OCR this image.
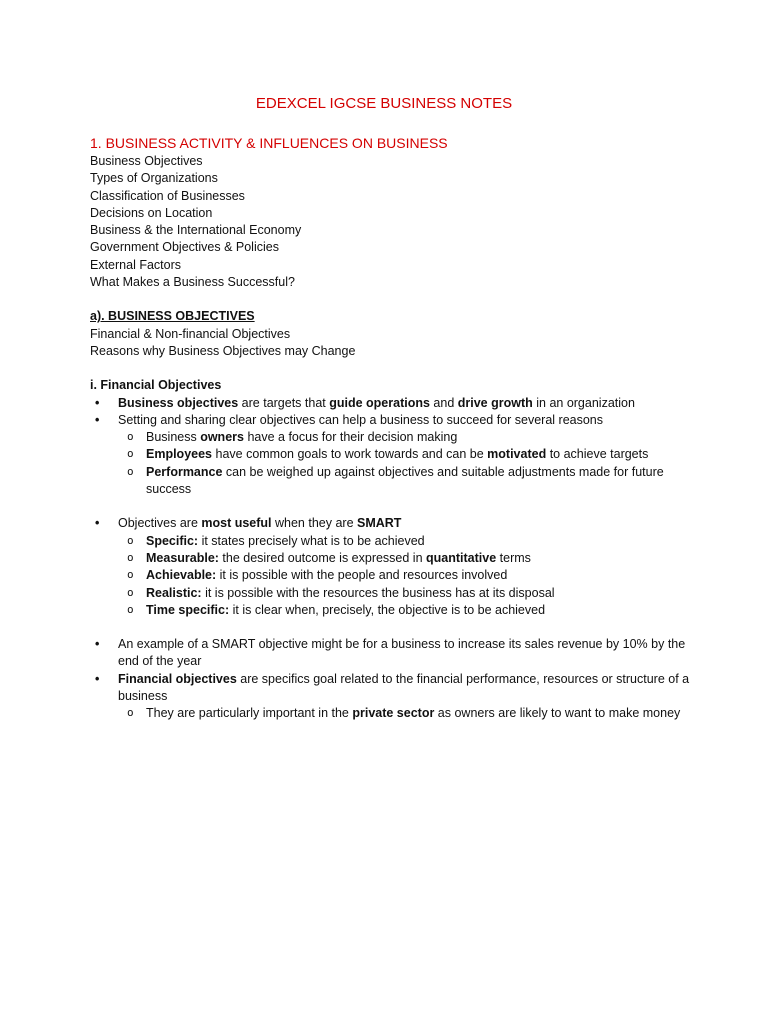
EDEXCEL IGCSE BUSINESS NOTES
1. BUSINESS ACTIVITY & INFLUENCES ON BUSINESS
Business Objectives
Types of Organizations
Classification of Businesses
Decisions on Location
Business & the International Economy
Government Objectives & Policies
External Factors
What Makes a Business Successful?
a). BUSINESS OBJECTIVES
Financial & Non-financial Objectives
Reasons why Business Objectives may Change
i. Financial Objectives
• Business objectives are targets that guide operations and drive growth in an organization
• Setting and sharing clear objectives can help a business to succeed for several reasons
o Business owners have a focus for their decision making
o Employees have common goals to work towards and can be motivated to achieve targets
o Performance can be weighed up against objectives and suitable adjustments made for future success
• Objectives are most useful when they are SMART
o Specific: it states precisely what is to be achieved
o Measurable: the desired outcome is expressed in quantitative terms
o Achievable: it is possible with the people and resources involved
o Realistic: it is possible with the resources the business has at its disposal
o Time specific: it is clear when, precisely, the objective is to be achieved
• An example of a SMART objective might be for a business to increase its sales revenue by 10% by the end of the year
• Financial objectives are specifics goal related to the financial performance, resources or structure of a business
o They are particularly important in the private sector as owners are likely to want to make money
